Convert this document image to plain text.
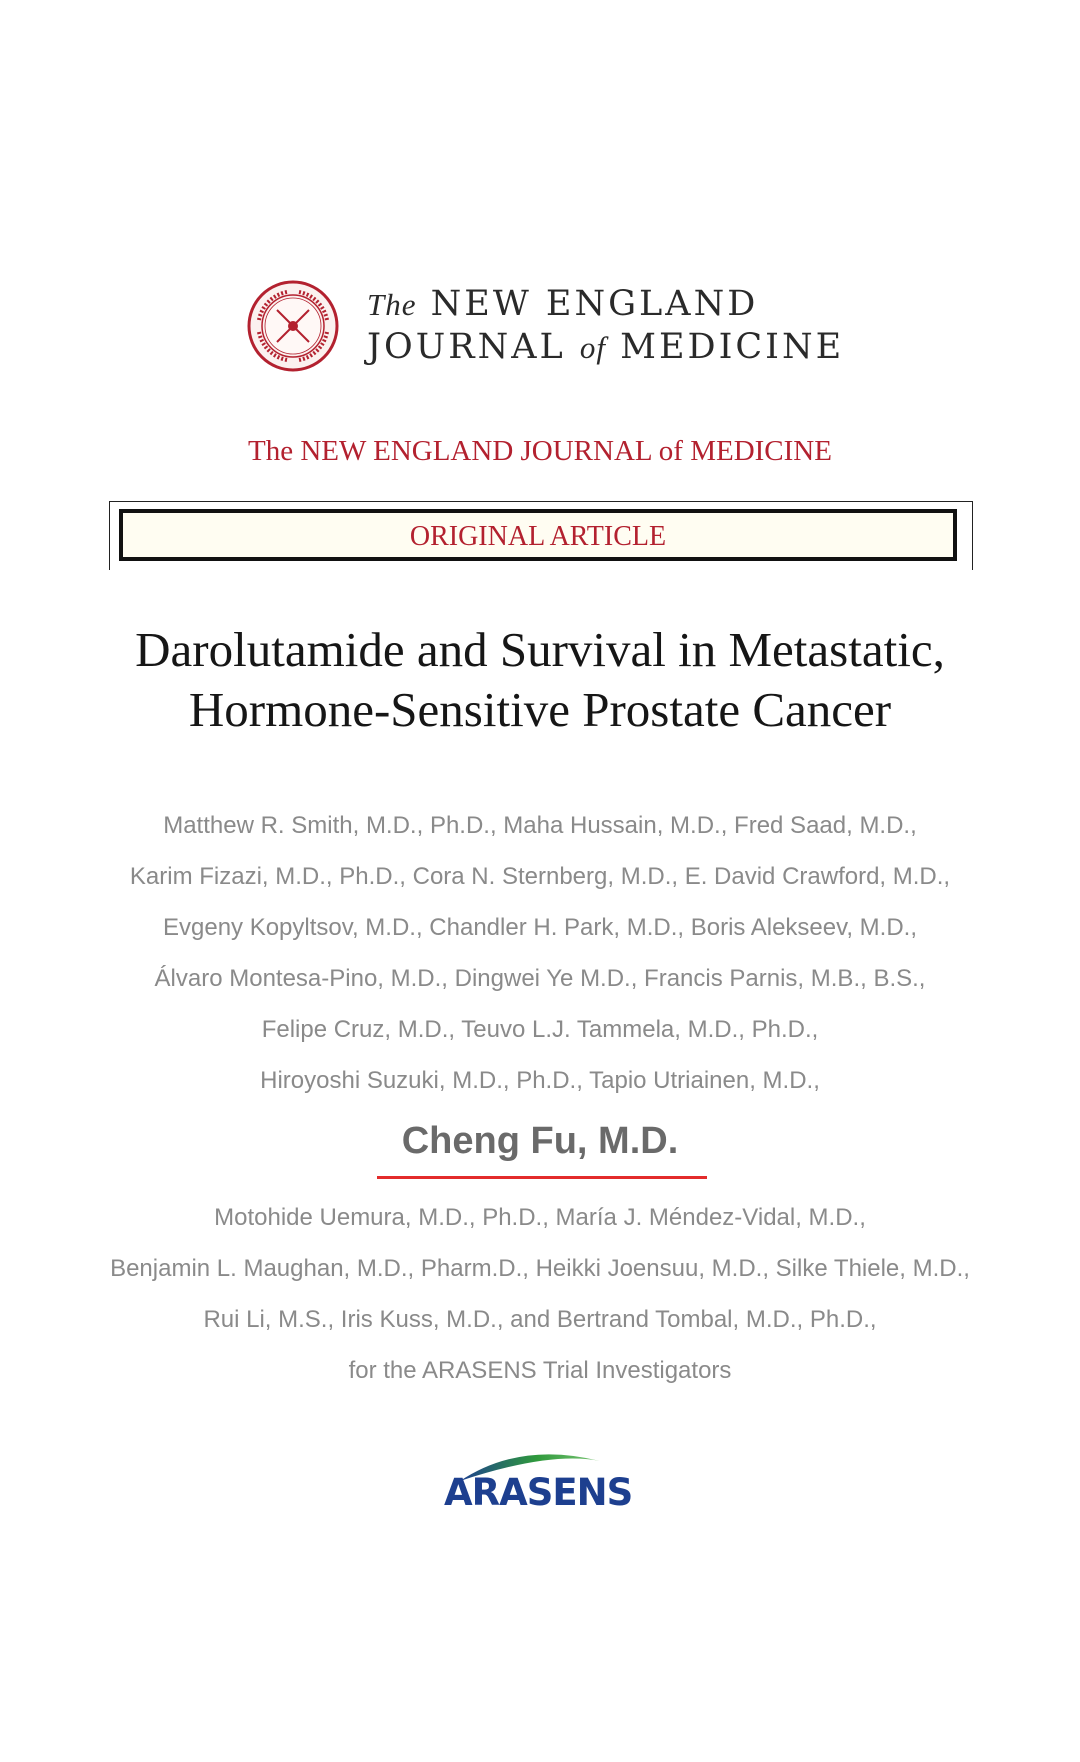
The NEW ENGLAND
JOURNAL of MEDICINE
The NEW ENGLAND JOURNAL of MEDICINE
ORIGINAL ARTICLE
Darolutamide and Survival in Metastatic,
Hormone-Sensitive Prostate Cancer
Matthew R. Smith, M.D., Ph.D., Maha Hussain, M.D., Fred Saad, M.D.,
Karim Fizazi, M.D., Ph.D., Cora N. Sternberg, M.D., E. David Crawford, M.D.,
Evgeny Kopyltsov, M.D., Chandler H. Park, M.D., Boris Alekseev, M.D.,
Álvaro Montesa-Pino, M.D., Dingwei Ye M.D., Francis Parnis, M.B., B.S.,
Felipe Cruz, M.D., Teuvo L.J. Tammela, M.D., Ph.D.,
Hiroyoshi Suzuki, M.D., Ph.D., Tapio Utriainen, M.D.,
Cheng Fu, M.D.
Motohide Uemura, M.D., Ph.D., María J. Méndez-Vidal, M.D.,
Benjamin L. Maughan, M.D., Pharm.D., Heikki Joensuu, M.D., Silke Thiele, M.D.,
Rui Li, M.S., Iris Kuss, M.D., and Bertrand Tombal, M.D., Ph.D.,
for the ARASENS Trial Investigators
ARASENS
